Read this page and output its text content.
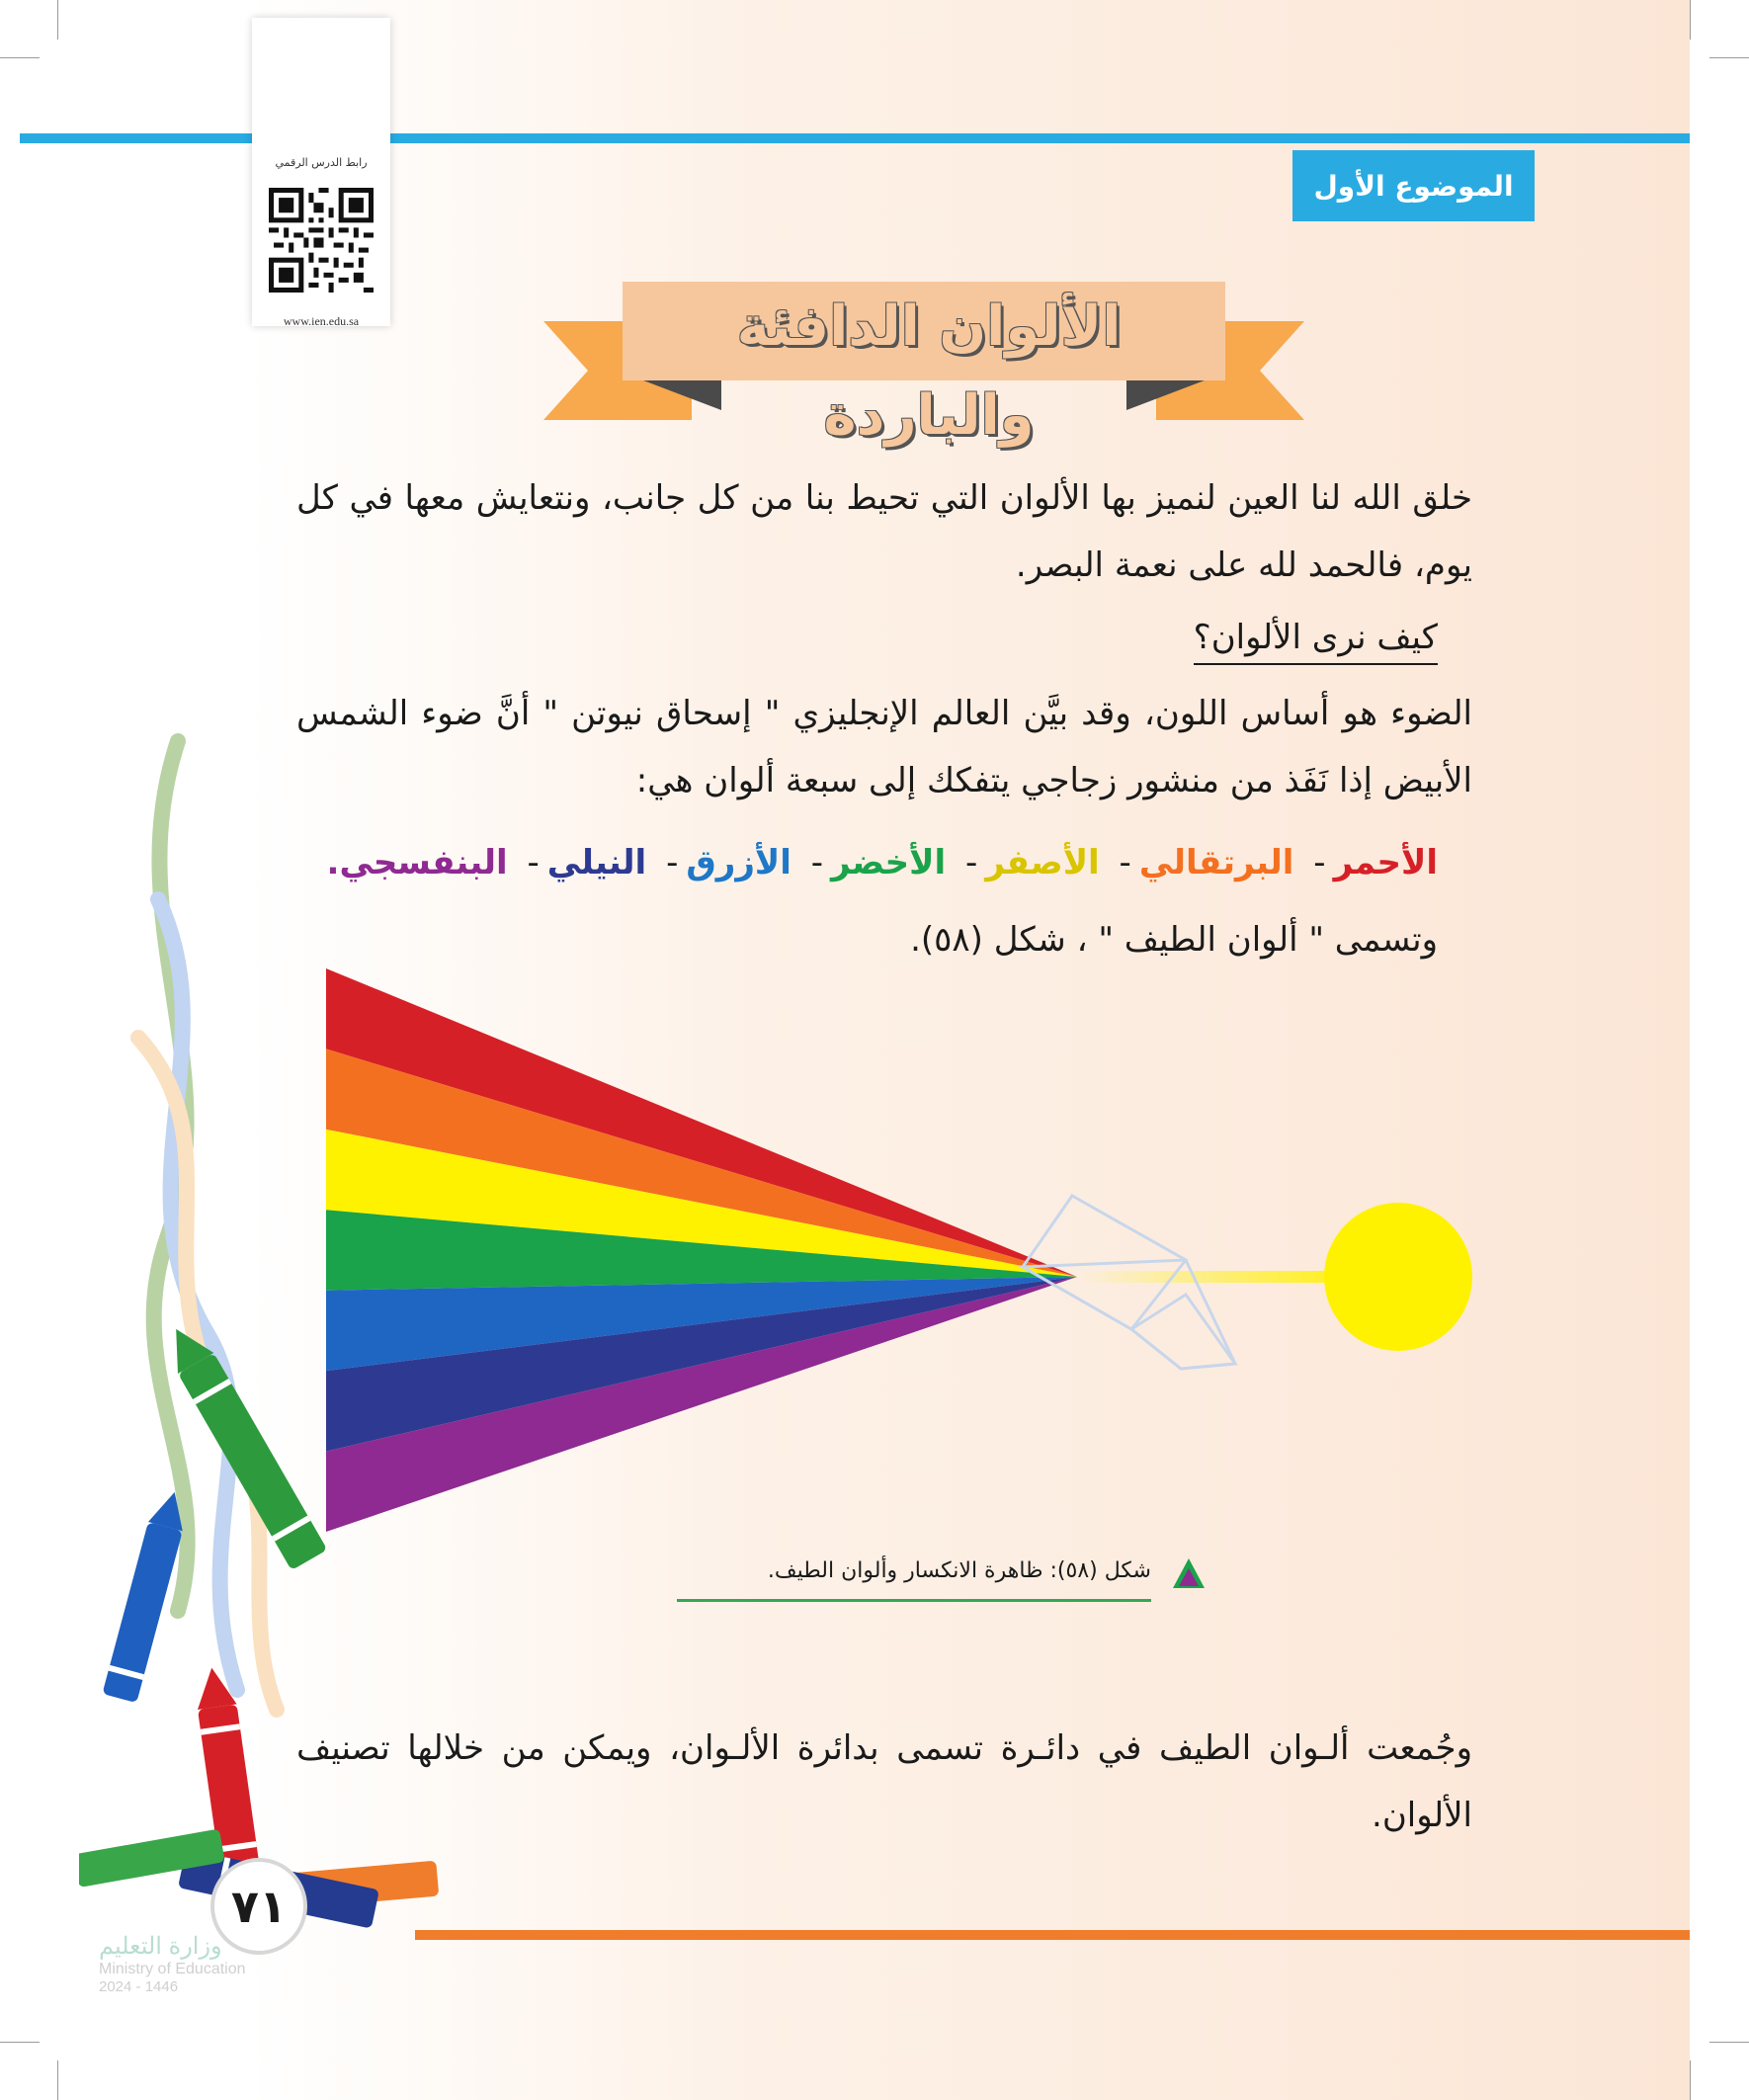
رابط الدرس الرقمي
www.ien.edu.sa
الموضوع الأول
الألوان الدافئة والباردة
خلق الله لنا العين لنميز بها الألوان التي تحيط بنا من كل جانب، ونتعايش معها في كل يوم، فالحمد لله على نعمة البصر.
كيف نرى الألوان؟
الضوء هو أساس اللون، وقد بيَّن العالم الإنجليزي " إسحاق نيوتن " أنَّ ضوء الشمس الأبيض إذا نَفَذ من منشور زجاجي يتفكك إلى سبعة ألوان هي:
الأحمر- البرتقالي- الأصفر- الأخضر- الأزرق- النيلي- البنفسجي.
وتسمى " ألوان الطيف " ، شكل (٥٨).
شكل (٥٨): ظاهرة الانكسار وألوان الطيف.
وجُمعت ألـوان الطيف في دائـرة تسمى بدائرة الألـوان، ويمكن من خلالها تصنيف الألوان.
٧١
وزارة التعليم
Ministry of Education
2024 - 1446
